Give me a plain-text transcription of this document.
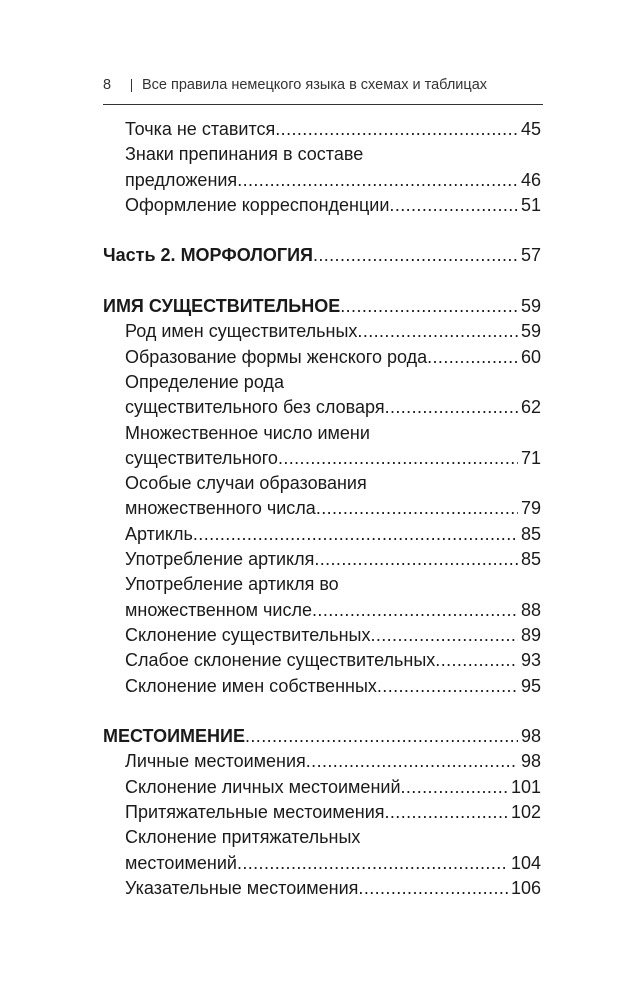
8	Все правила немецкого языка в схемах и таблицах
Точка не ставится . . .	45
Знаки препинания в составе
предложения . . .	46
Оформление корреспонденции . . .	51
Часть 2. МОРФОЛОГИЯ . . .	57
ИМЯ СУЩЕСТВИТЕЛЬНОЕ . . .	59
Род имен существительных . . .	59
Образование формы женского рода . . .	60
Определение рода
существительного без словаря . . .	62
Множественное число имени
существительного . . .	71
Особые случаи образования
множественного числа . . .	79
Артикль . . .	85
Употребление артикля . . .	85
Употребление артикля во
множественном числе . . .	88
Склонение существительных . . .	89
Слабое склонение существительных . . .	93
Склонение имен собственных . . .	95
МЕСТОИМЕНИЕ . . .	98
Личные местоимения . . .	98
Склонение личных местоимений . . .	101
Притяжательные местоимения . . .	102
Склонение притяжательных
местоимений . . .	104
Указательные местоимения . . .	106
